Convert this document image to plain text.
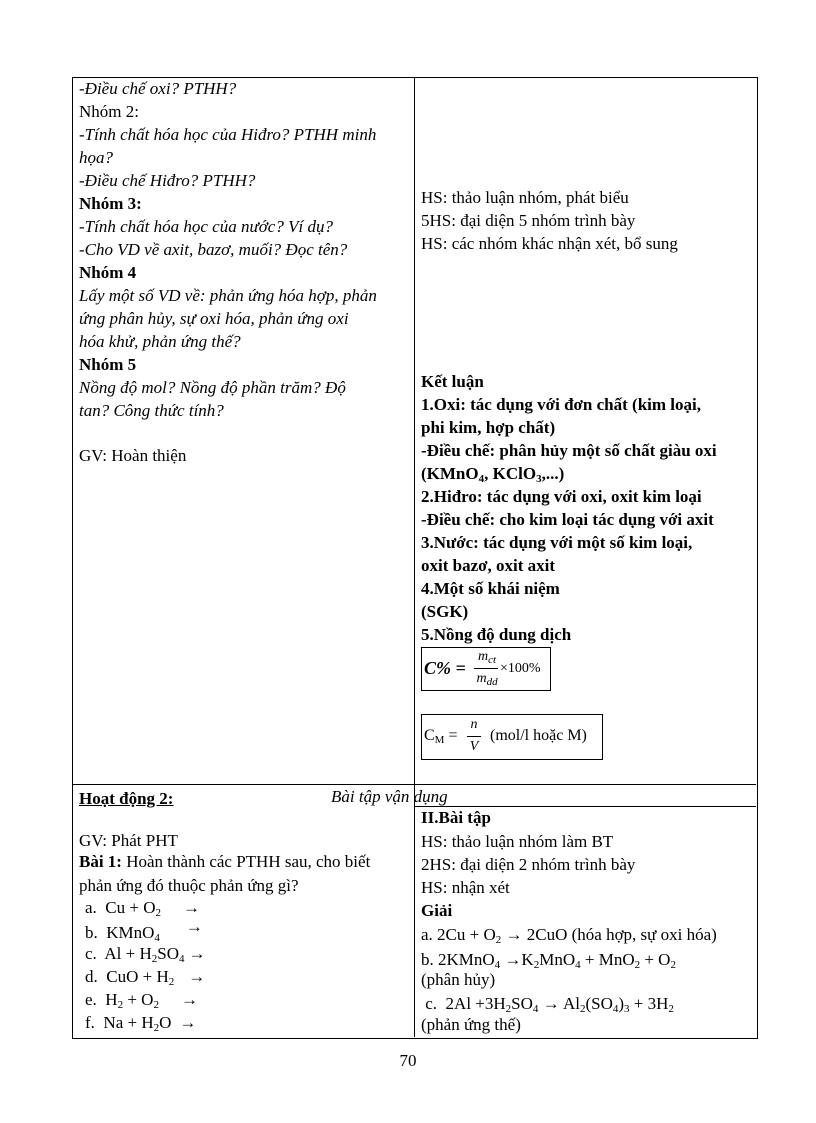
-Điều chế oxi? PTHH?
Nhóm 2:
-Tính chất hóa học của Hiđro? PTHH minh
họa?
-Điều chế Hiđro? PTHH?
Nhóm 3:
-Tính chất hóa học của nước? Ví dụ?
-Cho VD về axit, bazơ, muối? Đọc tên?
Nhóm 4
Lấy một số VD về: phản ứng hóa hợp, phản
ứng phân hủy, sự oxi hóa, phản ứng oxi
hóa khử, phản ứng thế?
Nhóm 5
Nồng độ mol? Nồng độ phần trăm? Độ
tan? Công thức tính?
GV: Hoàn thiện
HS: thảo luận nhóm, phát biểu
5HS: đại diện 5 nhóm trình bày
HS: các nhóm khác nhận xét, bổ sung
Kết luận
1.Oxi: tác dụng với đơn chất (kim loại,
phi kim, hợp chất)
-Điều chế: phân hủy một số chất giàu oxi
(KMnO$_4$, KClO$_3$,...)
2.Hiđro: tác dụng với oxi, oxit kim loại
-Điều chế: cho kim loại tác dụng với axit
3.Nước: tác dụng với một số kim loại,
oxit bazơ, oxit axit
4.Một số khái niệm
(SGK)
5.Nồng độ dung dịch
C% =
$m_{ct}$
$m_{dd}$
×100%
$C_M$ =
n
V
(mol/l hoặc M)
Hoạt động 2:	Bài tập vận dụng
GV: Phát PHT
Bài 1: Hoàn thành các PTHH sau, cho biết
phản ứng đó thuộc phản ứng gì?
a. $Cu + O_2$ →
b. KMnO$_4$→
c. $Al + H_2SO_4$ →
d. CuO + $H_2$ →
e. $H_2 + O_2$ →
f. $Na + H_2O$ →
II.Bài tập
HS: thảo luận nhóm làm BT
2HS: đại diện 2 nhóm trình bày
HS: nhận xét
Giải
a. $2Cu + O_2 \to 2CuO$ (hóa hợp, sự oxi hóa)
b. 2KMnO$_4$ $\to K_2MnO_4 + MnO_2 + O_2$
(phân hủy)
c.  $2Al +3H_2SO_4 \to Al_2(SO_4)_3 + 3H_2$
(phản ứng thế)
70
